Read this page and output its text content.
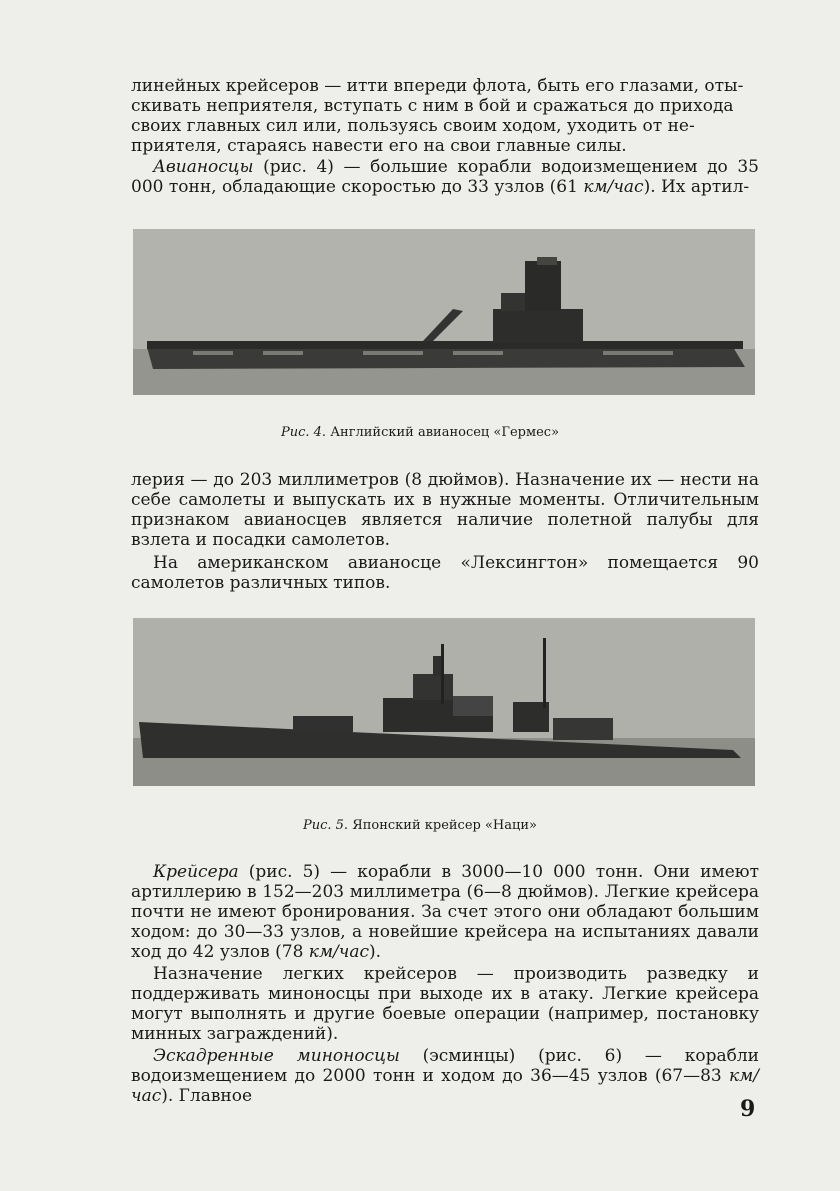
линейных крейсеров — итти впереди флота, быть его глазами, оты-
скивать неприятеля, вступать с ним в бой и сражаться до прихода
своих главных сил или, пользуясь своим ходом, уходить от не-
приятеля, стараясь навести его на свои главные силы.

Авианосцы (рис. 4) — большие корабли водоизмещением до 35 000 тонн, обладающие скоростью до 33 узлов (61 км/час). Их артил-

Рис. 4. Английский авианосец «Гермес»

лерия — до 203 миллиметров (8 дюймов). Назначение их — нести на себе самолеты и выпускать их в нужные моменты. Отличительным признаком авианосцев является наличие полетной палубы для взлета и посадки самолетов.

На американском авианосце «Лексингтон» помещается 90 самолетов различных типов.

Рис. 5. Японский крейсер «Наци»

Крейсера (рис. 5) — корабли в 3000—10 000 тонн. Они имеют артиллерию в 152—203 миллиметра (6—8 дюймов). Легкие крейсера почти не имеют бронирования. За счет этого они обладают большим ходом: до 30—33 узлов, а новейшие крейсера на испытаниях давали ход до 42 узлов (78 км/час).

Назначение легких крейсеров — производить разведку и поддерживать миноносцы при выходе их в атаку. Легкие крейсера могут выполнять и другие боевые операции (например, постановку минных заграждений).

Эскадренные миноносцы (эсминцы) (рис. 6) — корабли водоизмещением до 2000 тонн и ходом до 36—45 узлов (67—83 км/час). Главное	9
